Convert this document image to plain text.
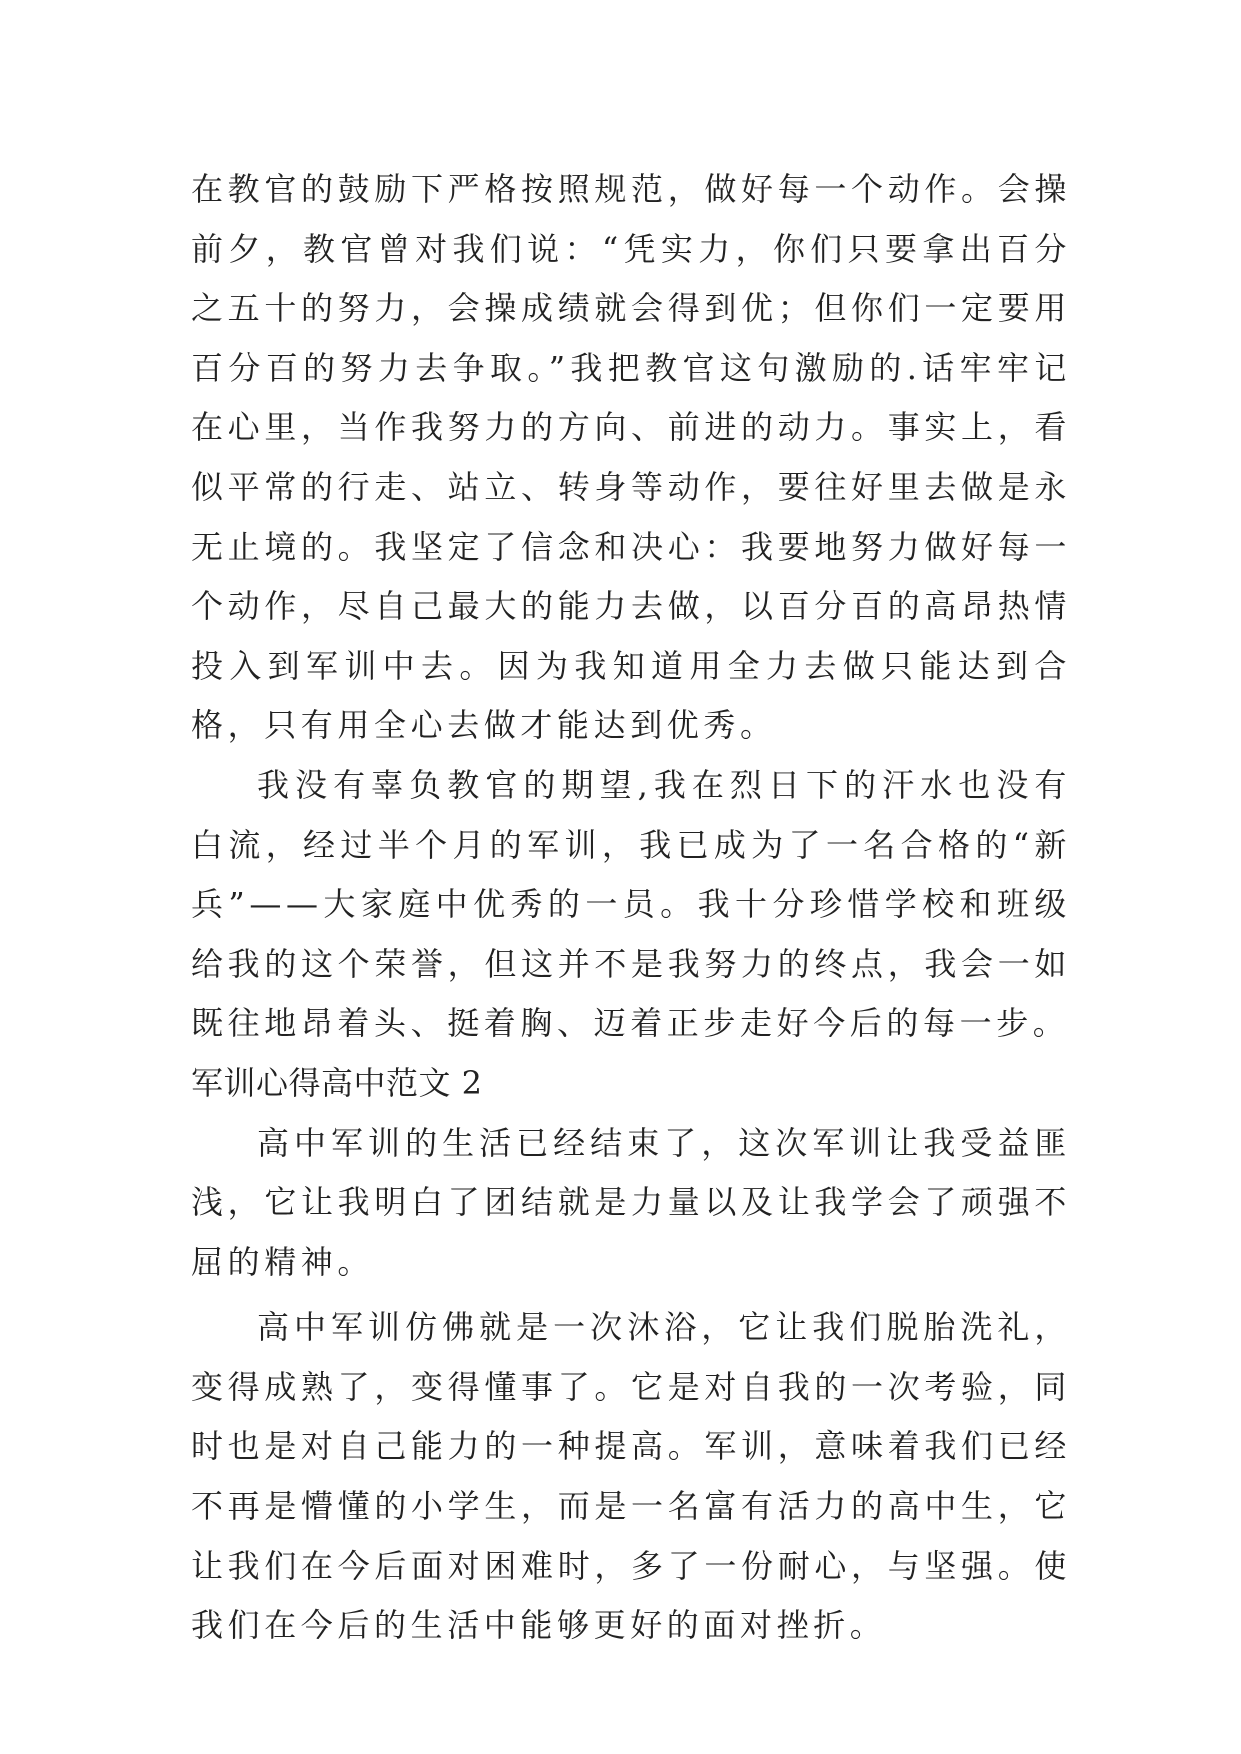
在教官的鼓励下严格按照规范，做好每一个动作。会操前夕，教官曾对我们说：“凭实力，你们只要拿出百分之五十的努力，会操成绩就会得到优；但你们一定要用百分百的努力去争取。”我把教官这句激励的.话牢牢记在心里，当作我努力的方向、前进的动力。事实上，看似平常的行走、站立、转身等动作，要往好里去做是永无止境的。我坚定了信念和决心：我要地努力做好每一个动作，尽自己最大的能力去做，以百分百的高昂热情投入到军训中去。因为我知道用全力去做只能达到合格，只有用全心去做才能达到优秀。

我没有辜负教官的期望,我在烈日下的汗水也没有白流，经过半个月的军训，我已成为了一名合格的“新兵”——大家庭中优秀的一员。我十分珍惜学校和班级给我的这个荣誉，但这并不是我努力的终点，我会一如既往地昂着头、挺着胸、迈着正步走好今后的每一步。

军训心得高中范文 2

高中军训的生活已经结束了，这次军训让我受益匪浅，它让我明白了团结就是力量以及让我学会了顽强不屈的精神。

高中军训仿佛就是一次沐浴，它让我们脱胎洗礼，变得成熟了，变得懂事了。它是对自我的一次考验，同时也是对自己能力的一种提高。军训，意味着我们已经不再是懵懂的小学生，而是一名富有活力的高中生，它让我们在今后面对困难时，多了一份耐心，与坚强。使我们在今后的生活中能够更好的面对挫折。
